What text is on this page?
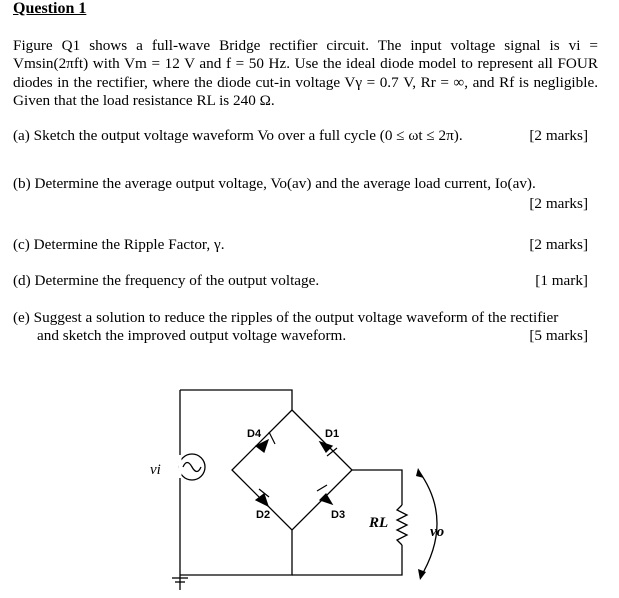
Question 1
Figure Q1 shows a full-wave Bridge rectifier circuit. The input voltage signal is vi = Vmsin(2πft) with Vm = 12 V and f = 50 Hz. Use the ideal diode model to represent all FOUR diodes in the rectifier, where the diode cut-in voltage Vγ = 0.7 V, Rr = ∞, and Rf is negligible. Given that the load resistance RL is 240 Ω.
(a) Sketch the output voltage waveform Vo over a full cycle (0 ≤ ωt ≤ 2π).	[2 marks]
(b) Determine the average output voltage, Vo(av) and the average load current, Io(av).
[2 marks]
(c) Determine the Ripple Factor, γ.	[2 marks]
(d) Determine the frequency of the output voltage.	[1 mark]
(e) Suggest a solution to reduce the ripples of the output voltage waveform of the rectifier
and sketch the improved output voltage waveform.	[5 marks]
vi
D4	D1
D2	D3 RL
vo
